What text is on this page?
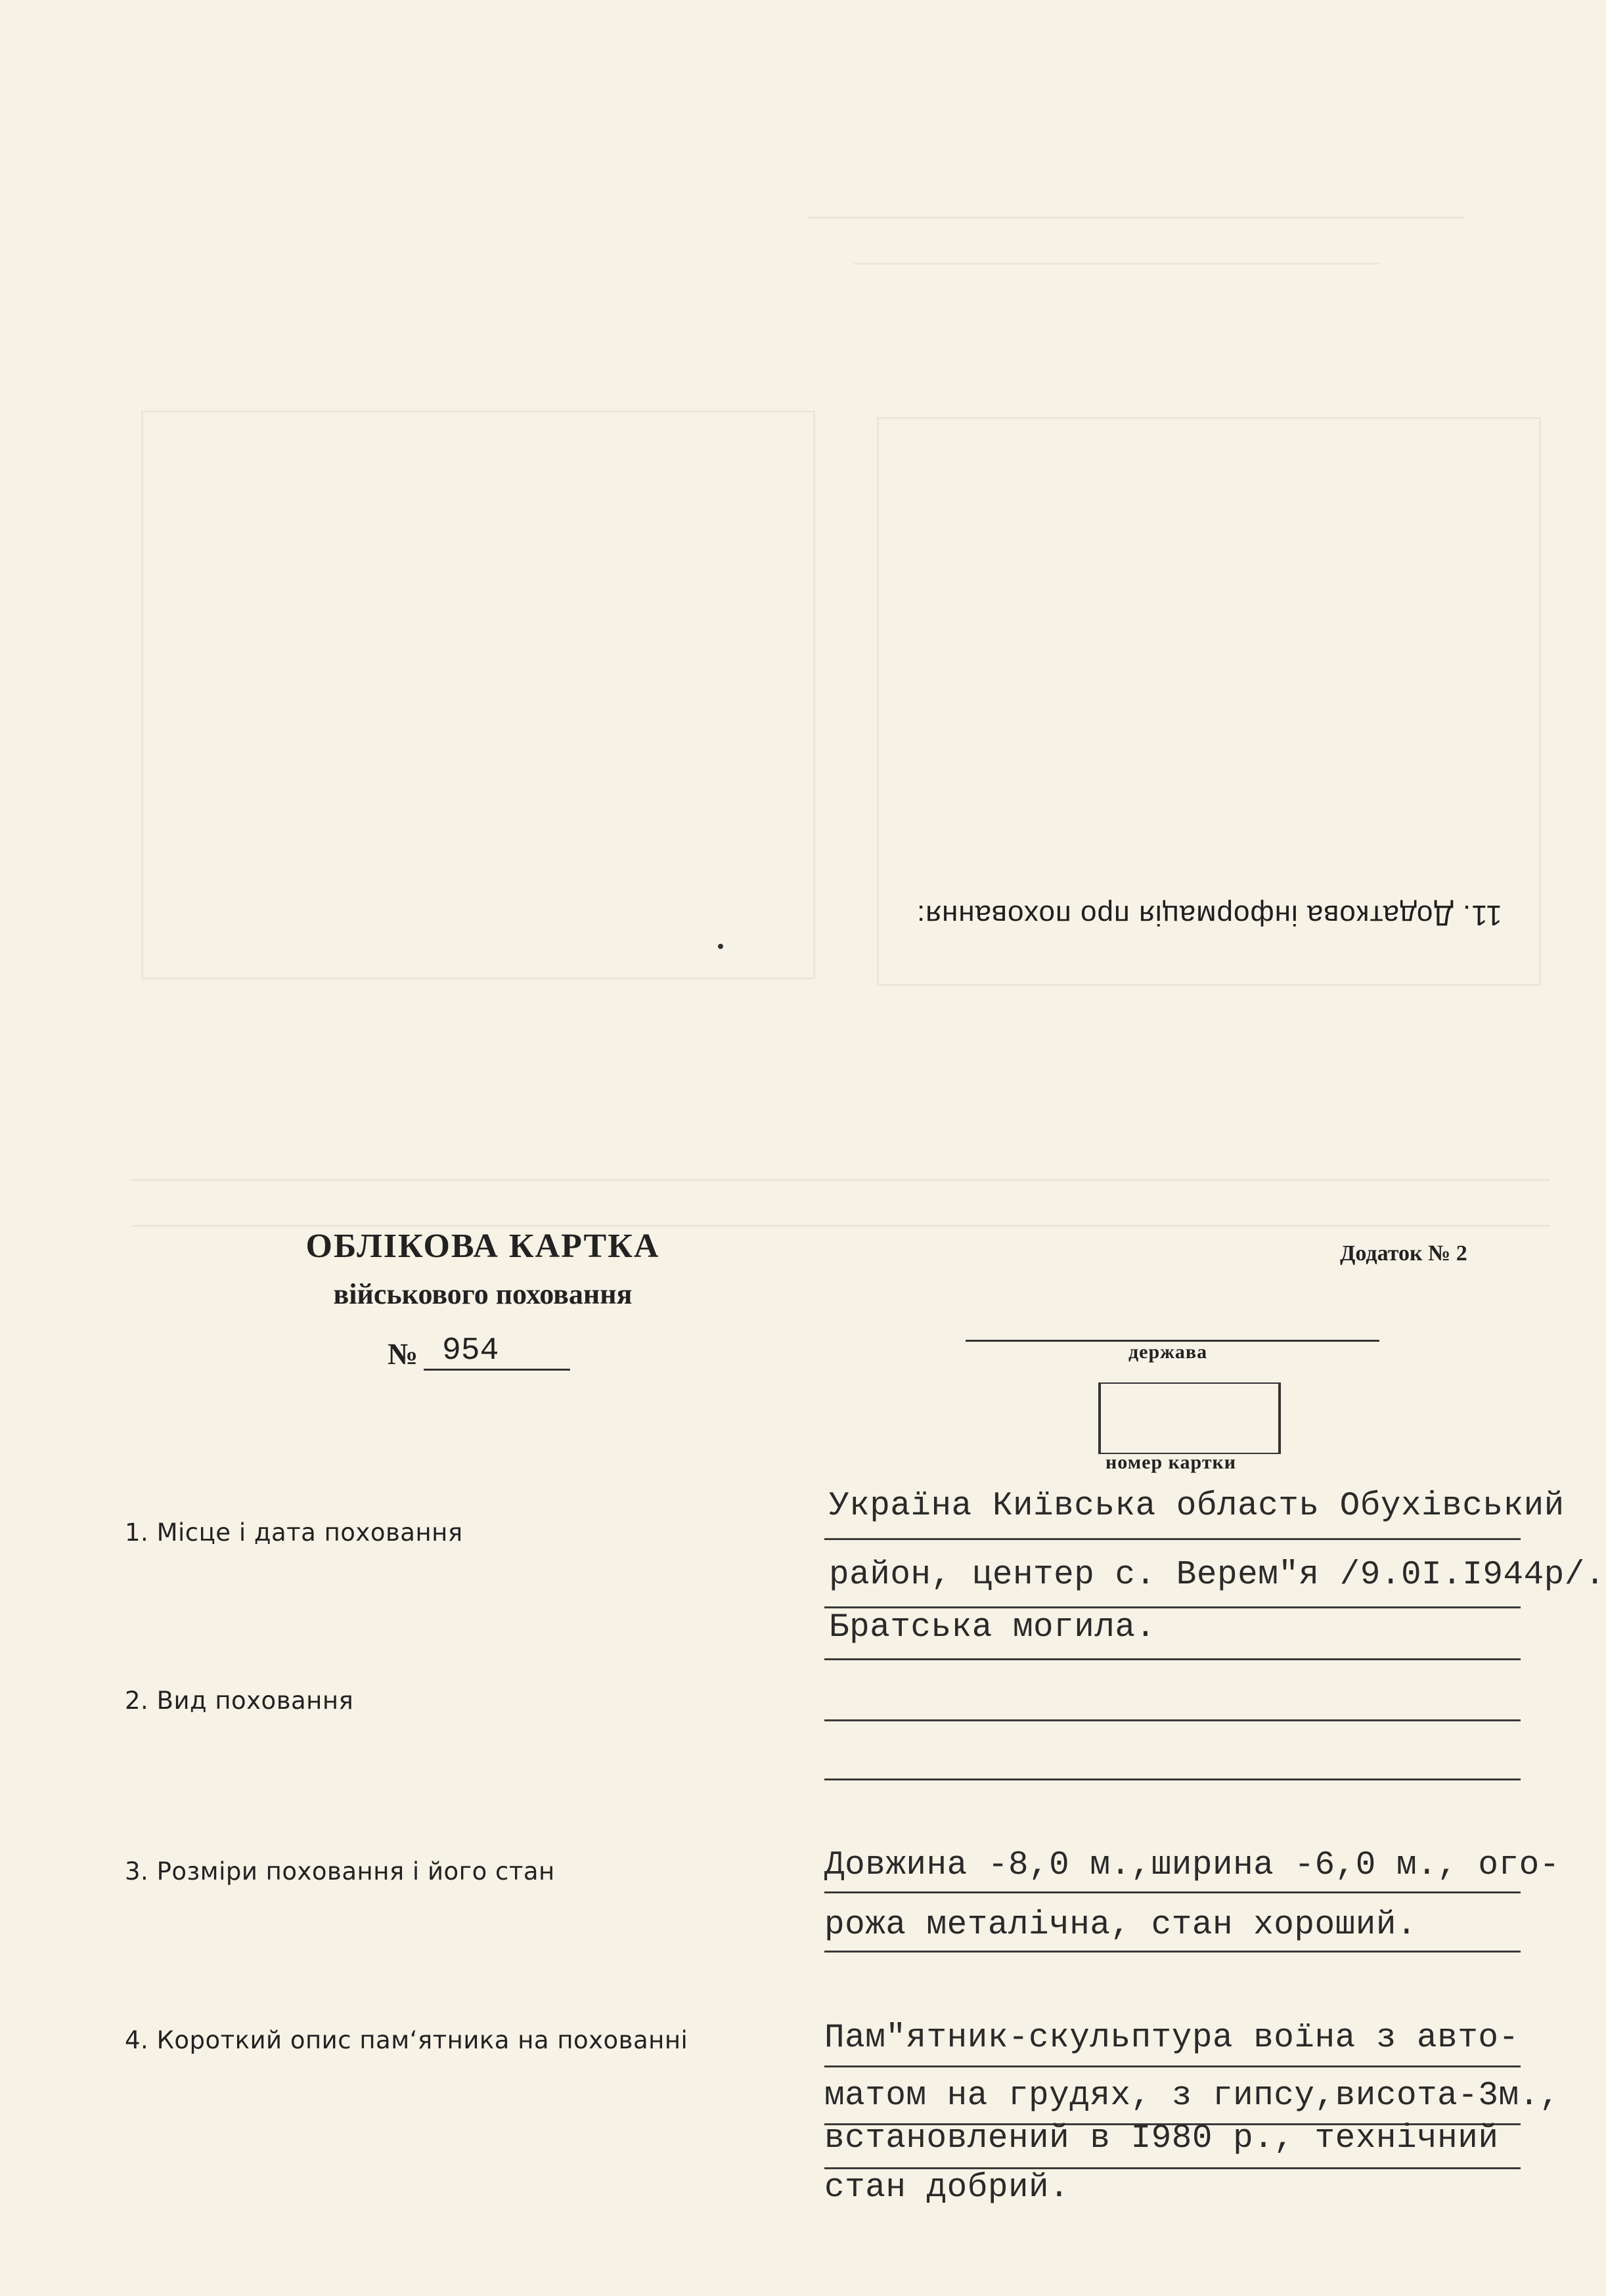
11. Додаткова інформація про поховання:
ОБЛІКОВА КАРТКА
військового поховання
№ 954
Додаток № 2
держава
номер картки
1. Місце і дата поховання
Україна Київська область Обухівський
район, центер с. Верем"я /9.0I.I944р/.
Братська могила.
2. Вид поховання
3. Розміри поховання і його стан	Довжина -8,0 м.,ширина -6,0 м., ого-
рожа металічна, стан хороший.
4. Короткий опис пам‘ятника на похованні	Пам"ятник-скульптура воїна з авто-
матом на грудях, з гипсу,висота-3м.,
встановлений в I980 р., технічний
стан добрий.
